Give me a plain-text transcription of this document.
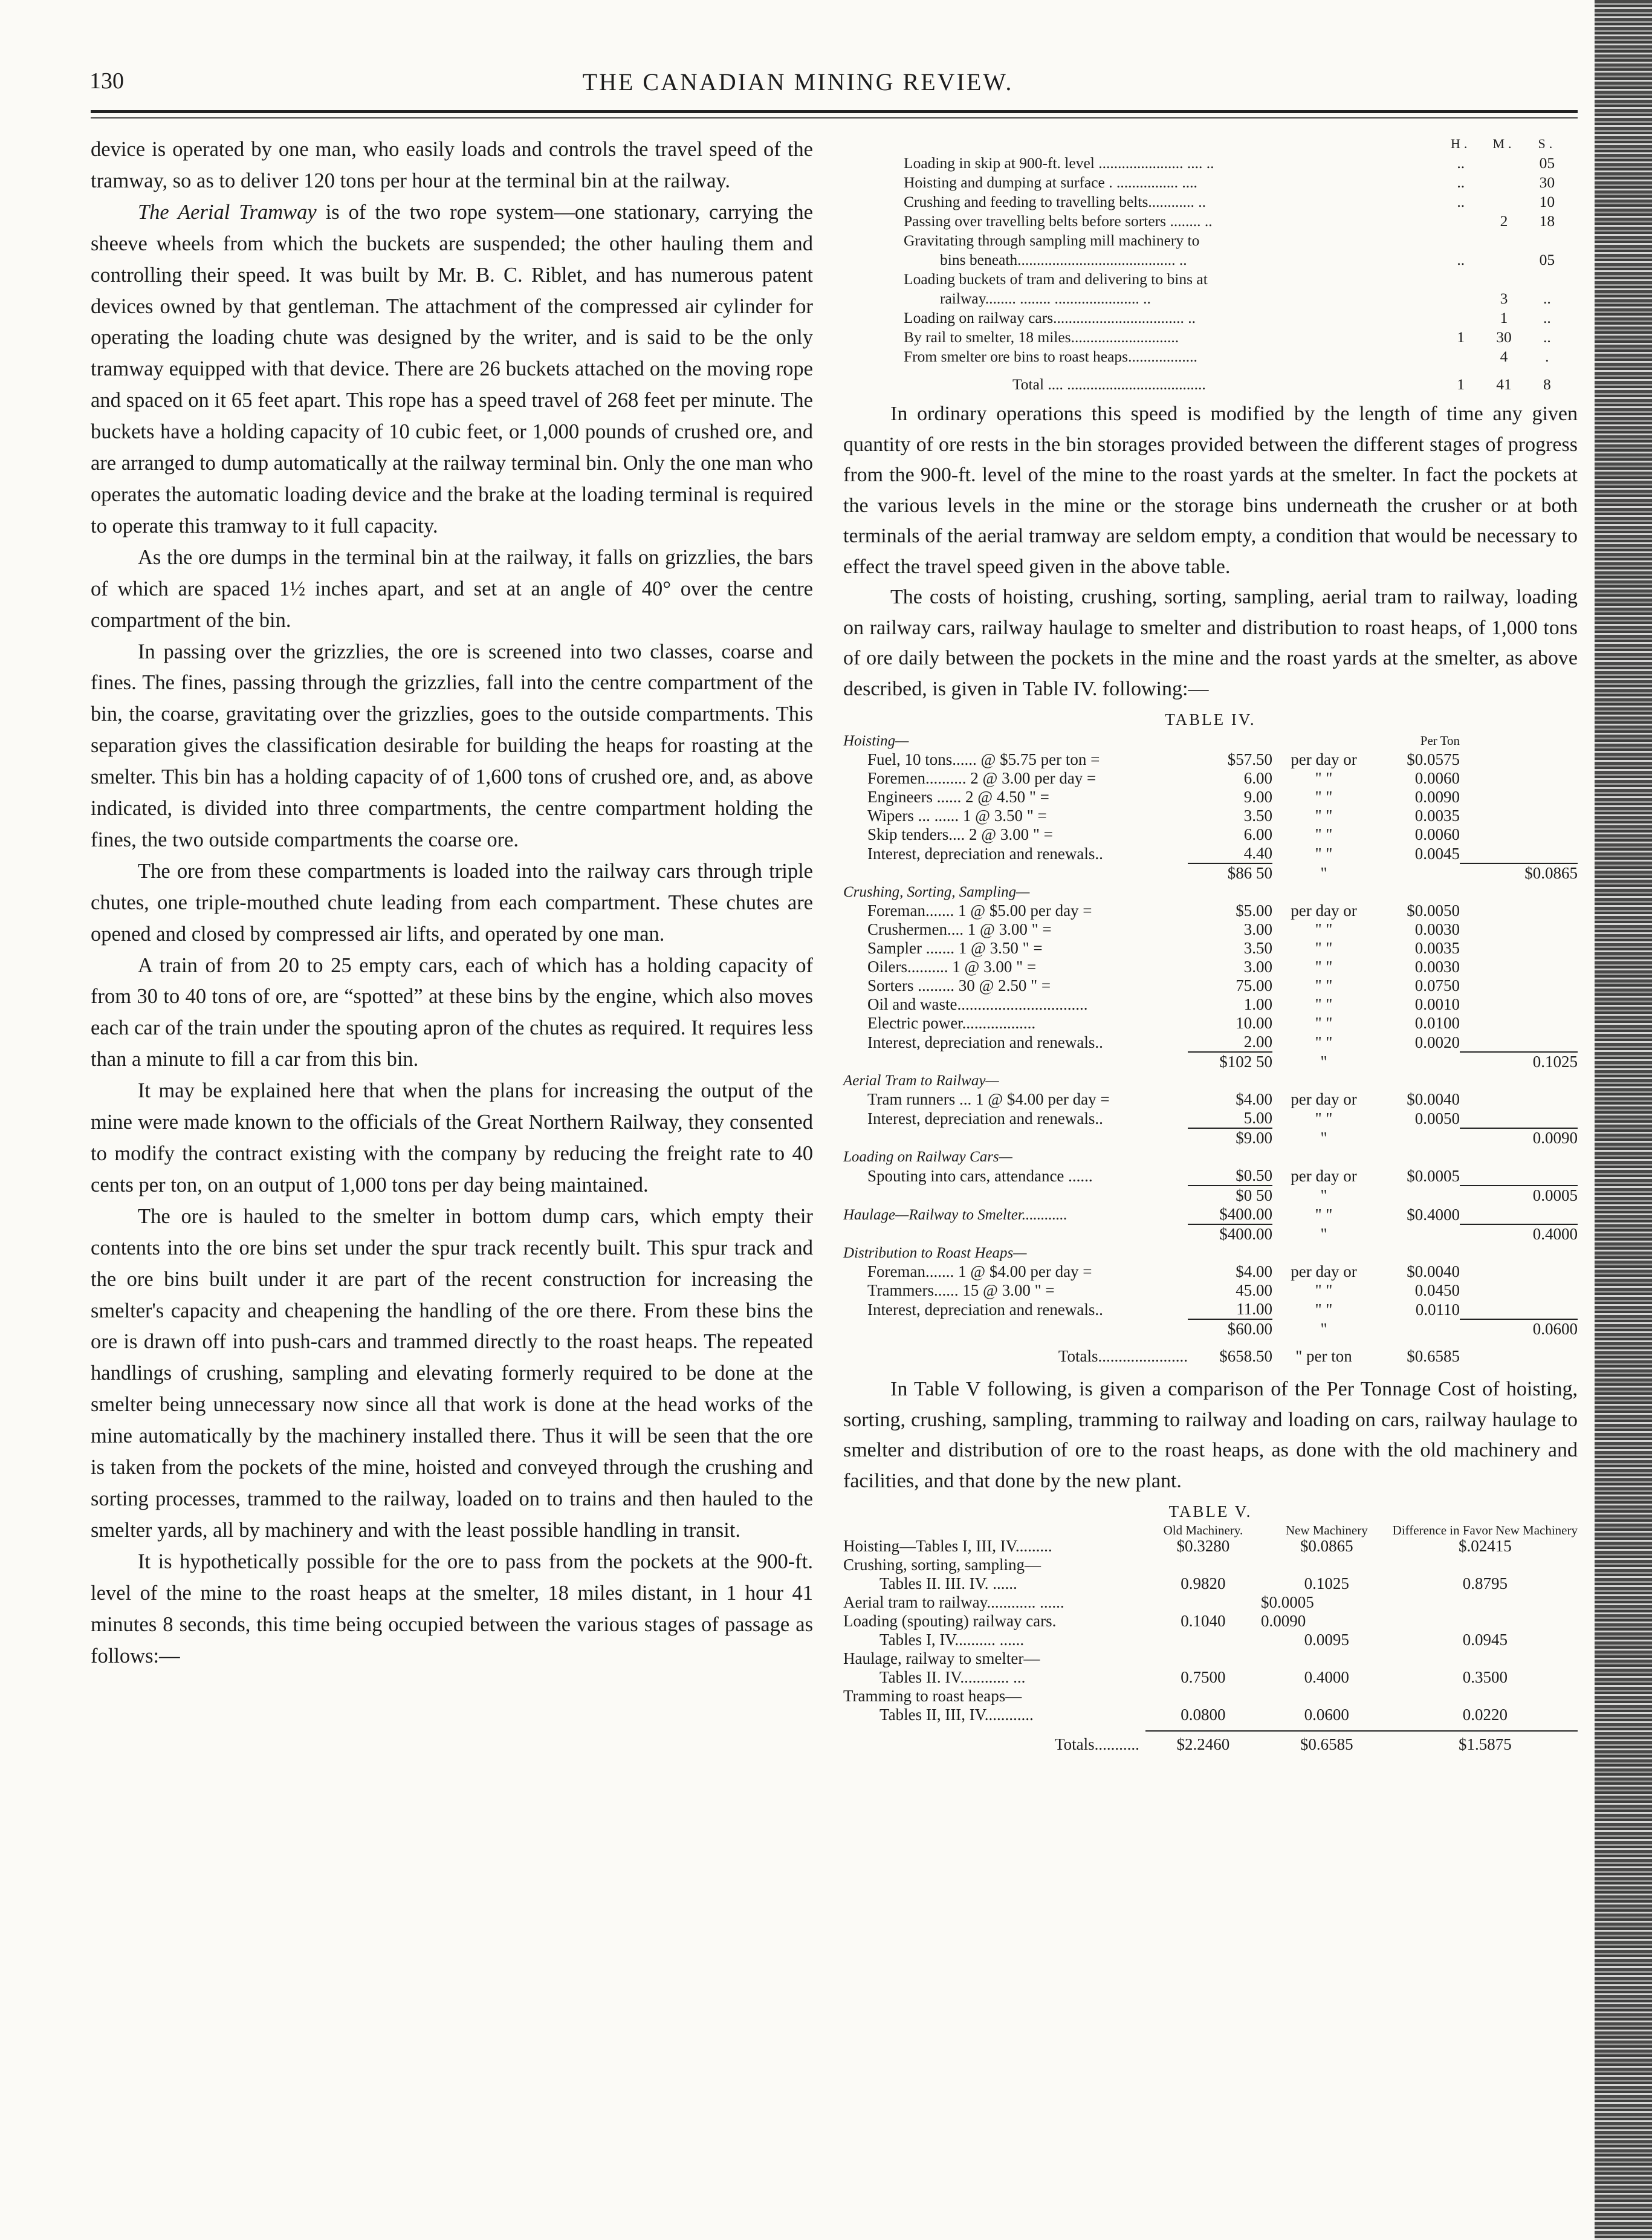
130	THE CANADIAN MINING REVIEW.

device is operated by one man, who easily loads and controls the travel speed of the tramway, so as to deliver 120 tons per hour at the terminal bin at the railway.

The Aerial Tramway is of the two rope system—one stationary, carrying the sheeve wheels from which the buckets are suspended; the other hauling them and controlling their speed. It was built by Mr. B. C. Riblet, and has numerous patent devices owned by that gentleman. The attachment of the compressed air cylinder for operating the loading chute was designed by the writer, and is said to be the only tramway equipped with that device. There are 26 buckets attached on the moving rope and spaced on it 65 feet apart. This rope has a speed travel of 268 feet per minute. The buckets have a holding capacity of 10 cubic feet, or 1,000 pounds of crushed ore, and are arranged to dump automatically at the railway terminal bin. Only the one man who operates the automatic loading device and the brake at the loading terminal is required to operate this tramway to it full capacity.

As the ore dumps in the terminal bin at the railway, it falls on grizzlies, the bars of which are spaced 1½ inches apart, and set at an angle of 40° over the centre compartment of the bin.

In passing over the grizzlies, the ore is screened into two classes, coarse and fines. The fines, passing through the grizzlies, fall into the centre compartment of the bin, the coarse, gravitating over the grizzlies, goes to the outside compartments. This separation gives the classification desirable for building the heaps for roasting at the smelter. This bin has a holding capacity of of 1,600 tons of crushed ore, and, as above indicated, is divided into three compartments, the centre compartment holding the fines, the two outside compartments the coarse ore.

The ore from these compartments is loaded into the railway cars through triple chutes, one triple-mouthed chute leading from each compartment. These chutes are opened and closed by compressed air lifts, and operated by one man.

A train of from 20 to 25 empty cars, each of which has a holding capacity of from 30 to 40 tons of ore, are “spotted” at these bins by the engine, which also moves each car of the train under the spouting apron of the chutes as required. It requires less than a minute to fill a car from this bin.

It may be explained here that when the plans for increasing the output of the mine were made known to the officials of the Great Northern Railway, they consented to modify the contract existing with the company by reducing the freight rate to 40 cents per ton, on an output of 1,000 tons per day being maintained.

The ore is hauled to the smelter in bottom dump cars, which empty their contents into the ore bins set under the spur track recently built. This spur track and the ore bins built under it are part of the recent construction for increasing the smelter's capacity and cheapening the handling of the ore there. From these bins the ore is drawn off into push-cars and trammed directly to the roast heaps. The repeated handlings of crushing, sampling and elevating formerly required to be done at the smelter being unnecessary now since all that work is done at the head works of the mine automatically by the machinery installed there. Thus it will be seen that the ore is taken from the pockets of the mine, hoisted and conveyed through the crushing and sorting processes, trammed to the railway, loaded on to trains and then hauled to the smelter yards, all by machinery and with the least possible handling in transit.

It is hypothetically possible for the ore to pass from the pockets at the 900-ft. level of the mine to the roast heaps at the smelter, 18 miles distant, in 1 hour 41 minutes 8 seconds, this time being occupied between the various stages of passage as follows:—

	H.	M.	S.
Loading in skip at 900-ft. level ...................... .... ..	..		05
Hoisting and dumping at surface . ................ ....	..		30
Crushing and feeding to travelling belts............ ..	..		10
Passing over travelling belts before sorters ........ ..		2	18
Gravitating through sampling mill machinery to			
bins beneath......................................... ..	..		05
Loading buckets of tram and delivering to bins at			
railway........ ........ ...................... ..		3	..
Loading on railway cars.................................. ..		1	..
By rail to smelter, 18 miles............................	1	30	..
From smelter ore bins to roast heaps..................		4	.
Total .... ....................................	1	41	8

In ordinary operations this speed is modified by the length of time any given quantity of ore rests in the bin storages provided between the different stages of progress from the 900-ft. level of the mine to the roast yards at the smelter. In fact the pockets at the various levels in the mine or the storage bins underneath the crusher or at both terminals of the aerial tramway are seldom empty, a condition that would be necessary to effect the travel speed given in the above table.

The costs of hoisting, crushing, sorting, sampling, aerial tram to railway, loading on railway cars, railway haulage to smelter and distribution to roast heaps, of 1,000 tons of ore daily between the pockets in the mine and the roast yards at the smelter, as above described, is given in Table IV. following:—

TABLE IV.
Hoisting—			Per Ton	
Fuel, 10 tons...... @ $5.75 per ton =	$57.50	per day or	$0.0575	
Foremen.......... 2 @ 3.00 per day =	6.00	" "	0.0060	
Engineers ...... 2 @ 4.50 " =	9.00	" "	0.0090	
Wipers ... ...... 1 @ 3.50 " =	3.50	" "	0.0035	
Skip tenders.... 2 @ 3.00 " =	6.00	" "	0.0060	
Interest, depreciation and renewals..	4.40	" "	0.0045	
	$86 50	"		$0.0865
Crushing, Sorting, Sampling—				
Foreman....... 1 @ $5.00 per day =	$5.00	per day or	$0.0050	
Crushermen.... 1 @ 3.00 " =	3.00	" "	0.0030	
Sampler ....... 1 @ 3.50 " =	3.50	" "	0.0035	
Oilers.......... 1 @ 3.00 " =	3.00	" "	0.0030	
Sorters ......... 30 @ 2.50 " =	75.00	" "	0.0750	
Oil and waste................................	1.00	" "	0.0010	
Electric power..................	10.00	" "	0.0100	
Interest, depreciation and renewals..	2.00	" "	0.0020	
	$102 50	"		0.1025
Aerial Tram to Railway—				
Tram runners ... 1 @ $4.00 per day =	$4.00	per day or	$0.0040	
Interest, depreciation and renewals..	5.00	" "	0.0050	
	$9.00	"		0.0090
Loading on Railway Cars—				
Spouting into cars, attendance ......	$0.50	per day or	$0.0005	
	$0 50	"		0.0005
Haulage—Railway to Smelter............	$400.00	" "	$0.4000	
	$400.00	"		0.4000
Distribution to Roast Heaps—				
Foreman....... 1 @ $4.00 per day =	$4.00	per day or	$0.0040	
Trammers...... 15 @ 3.00 " =	45.00	" "	0.0450	
Interest, depreciation and renewals..	11.00	" "	0.0110	
	$60.00	"		0.0600
Totals......................	$658.50	" per ton	$0.6585	

In Table V following, is given a comparison of the Per Tonnage Cost of hoisting, sorting, crushing, sampling, tramming to railway and loading on cars, railway haulage to smelter and distribution of ore to the roast heaps, as done with the old machinery and facilities, and that done by the new plant.

TABLE V.
	Old Machinery.	New Machinery	Difference in Favor New Machinery
Hoisting—Tables I, III, IV.........	$0.3280	$0.0865	$.02415
Crushing, sorting, sampling—			
Tables II. III. IV. ......	0.9820	0.1025	0.8795
Aerial tram to railway............ ......		$0.0005	
Loading (spouting) railway cars.	0.1040	0.0090	
Tables I, IV.......... ......		0.0095	0.0945
Haulage, railway to smelter—			
Tables II. IV............ ...	0.7500	0.4000	0.3500
Tramming to roast heaps—			
Tables II, III, IV............	0.0800	0.0600	0.0220

Totals...........	$2.2460	$0.6585	$1.5875
